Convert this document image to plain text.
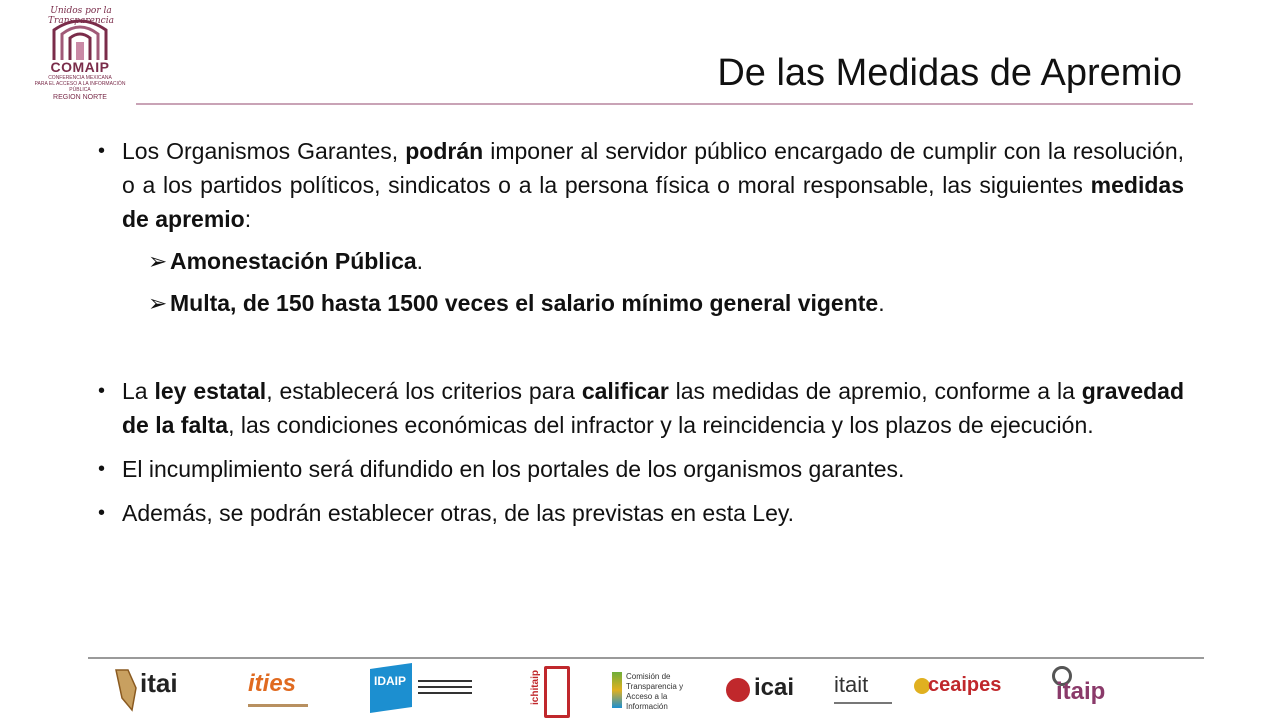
Unidos por la Transparencia
COMAIP
CONFERENCIA MEXICANA
PARA EL ACCESO A LA INFORMACIÓN PÚBLICA
REGION NORTE
De las Medidas de Apremio
• Los Organismos Garantes, podrán imponer al servidor público encargado de cumplir con la resolución, o a los partidos políticos, sindicatos o a la persona física o moral responsable, las siguientes medidas de apremio:
➢ Amonestación Pública.
➢ Multa, de 150 hasta 1500 veces el salario mínimo general vigente.
• La ley estatal, establecerá los criterios para calificar las medidas de apremio, conforme a la gravedad de la falta, las condiciones económicas del infractor y la reincidencia y los plazos de ejecución.
• El incumplimiento será difundido en los portales de los organismos garantes.
• Además, se podrán establecer otras, de las previstas en esta Ley.
itai	ities	IDAIP	ichitaip	Comisión de Transparencia y Acceso a la Información
icai itait	ceaipes itaip
